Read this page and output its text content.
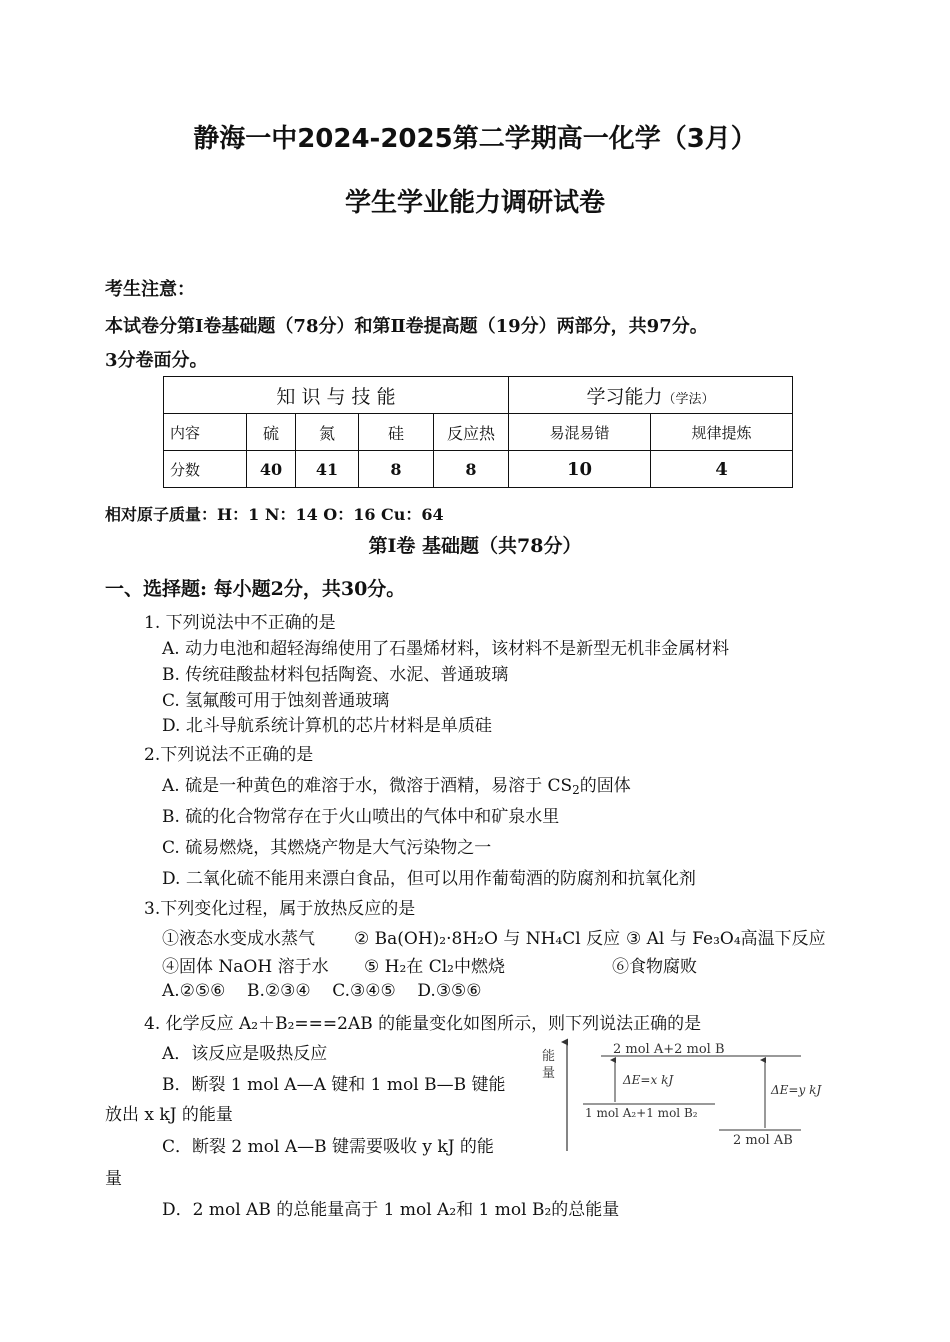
静海一中2024-2025第二学期高一化学（3月）
学生学业能力调研试卷
考生注意：
本试卷分第Ⅰ卷基础题（78分）和第Ⅱ卷提高题（19分）两部分，共97分。
3分卷面分。
知 识 与 技 能					学习能力（学法）	
内容	硫	氮	硅	反应热	易混易错	规律提炼
分数	40	41	8	8	10	4
相对原子质量：H：1 N：14 O：16 Cu：64
第Ⅰ卷 基础题（共78分）
一、选择题: 每小题2分，共30分。
1. 下列说法中不正确的是
A. 动力电池和超轻海绵使用了石墨烯材料，该材料不是新型无机非金属材料
B. 传统硅酸盐材料包括陶瓷、水泥、普通玻璃
C. 氢氟酸可用于蚀刻普通玻璃
D. 北斗导航系统计算机的芯片材料是单质硅
2.下列说法不正确的是
A. 硫是一种黄色的难溶于水，微溶于酒精，易溶于 $CS_2$的固体
B. 硫的化合物常存在于火山喷出的气体中和矿泉水里
C. 硫易燃烧，其燃烧产物是大气污染物之一
D. 二氧化硫不能用来漂白食品，但可以用作葡萄酒的防腐剂和抗氧化剂
3.下列变化过程，属于放热反应的是
①液态水变成水蒸气 ② Ba(OH)₂·8H₂O 与 NH₄Cl 反应 ③ Al 与 Fe₃O₄高温下反应
④固体 NaOH 溶于水 ⑤ H₂在 Cl₂中燃烧	⑥食物腐败
A.②⑤⑥    B.②③④    C.③④⑤    D.③⑤⑥
4. 化学反应 A₂＋B₂===2AB 的能量变化如图所示，则下列说法正确的是
A．该反应是吸热反应
B．断裂 1 mol A—A 键和 1 mol B—B 键能
放出 x kJ 的能量
C．断裂 2 mol A—B 键需要吸收 y kJ 的能
量
D．2 mol AB 的总能量高于 1 mol A₂和 1 mol B₂的总能量
能
量
2 mol A+2 mol B
1 mol A₂+1 mol B₂
2 mol AB
ΔE=x kJ
ΔE=y kJ
